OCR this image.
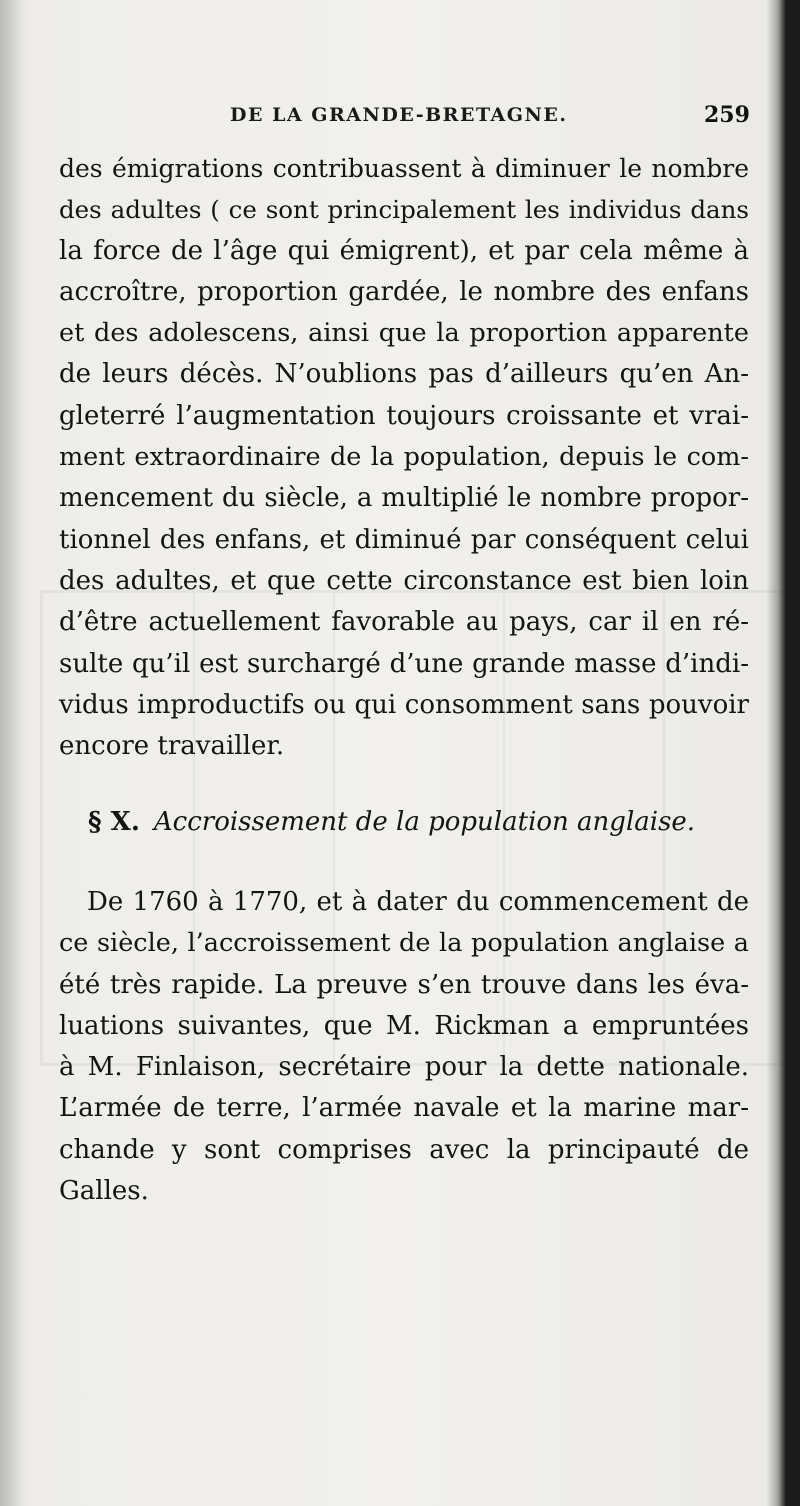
DE LA GRANDE-BRETAGNE.	259
des émigrations contribuassent à diminuer le nombre
des adultes ( ce sont principalement les individus dans
la force de l’âge qui émigrent), et par cela même à
accroître, proportion gardée, le nombre des enfans
et des adolescens, ainsi que la proportion apparente
de leurs décès. N’oublions pas d’ailleurs qu’en An-
gleterré l’augmentation toujours croissante et vrai-
ment extraordinaire de la population, depuis le com-
mencement du siècle, a multiplié le nombre propor-
tionnel des enfans, et diminué par conséquent celui
des adultes, et que cette circonstance est bien loin
d’être actuellement favorable au pays, car il en ré-
sulte qu’il est surchargé d’une grande masse d’indi-
vidus improductifs ou qui consomment sans pouvoir
encore travailler.
§ X. Accroissement de la population anglaise.
De 1760 à 1770, et à dater du commencement de
ce siècle, l’accroissement de la population anglaise a
été très rapide. La preuve s’en trouve dans les éva-
luations suivantes, que M. Rickman a empruntées
à M. Finlaison, secrétaire pour la dette nationale.
L’armée de terre, l’armée navale et la marine mar-
chande y sont comprises avec la principauté de
Galles.
